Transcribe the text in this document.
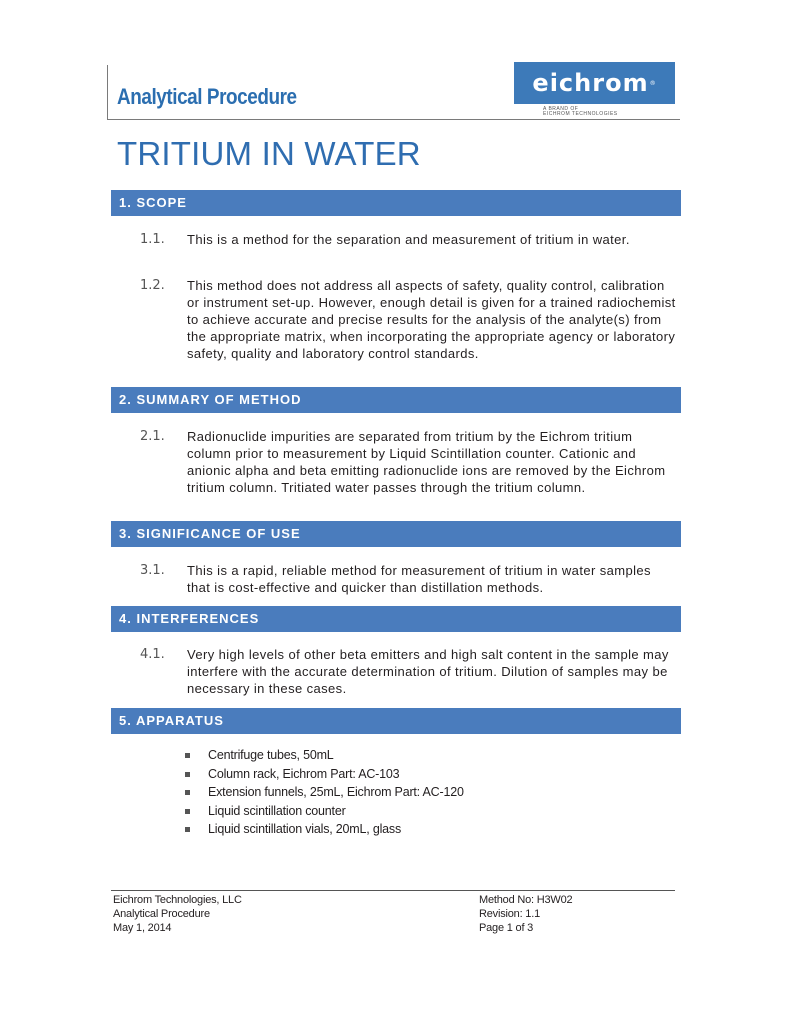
Analytical Procedure	eichrom ®
A BRAND OF
EICHROM TECHNOLOGIES
TRITIUM IN WATER
1. SCOPE
1.1. This is a method for the separation and measurement of tritium in water.
1.2. This method does not address all aspects of safety, quality control, calibration or instrument set-up. However, enough detail is given for a trained radiochemist to achieve accurate and precise results for the analysis of the analyte(s) from the appropriate matrix, when incorporating the appropriate agency or laboratory safety, quality and laboratory control standards.
2. SUMMARY OF METHOD
2.1. Radionuclide impurities are separated from tritium by the Eichrom tritium column prior to measurement by Liquid Scintillation counter. Cationic and anionic alpha and beta emitting radionuclide ions are removed by the Eichrom tritium column. Tritiated water passes through the tritium column.
3. SIGNIFICANCE OF USE
3.1. This is a rapid, reliable method for measurement of tritium in water samples that is cost-effective and quicker than distillation methods.
4. INTERFERENCES
4.1. Very high levels of other beta emitters and high salt content in the sample may interfere with the accurate determination of tritium. Dilution of samples may be necessary in these cases.
5. APPARATUS
Centrifuge tubes, 50mL
Column rack, Eichrom Part: AC-103
Extension funnels, 25mL, Eichrom Part: AC-120
Liquid scintillation counter
Liquid scintillation vials, 20mL, glass
Eichrom Technologies, LLC
Analytical Procedure
May 1, 2014
Method No: H3W02
Revision: 1.1
Page 1 of 3
